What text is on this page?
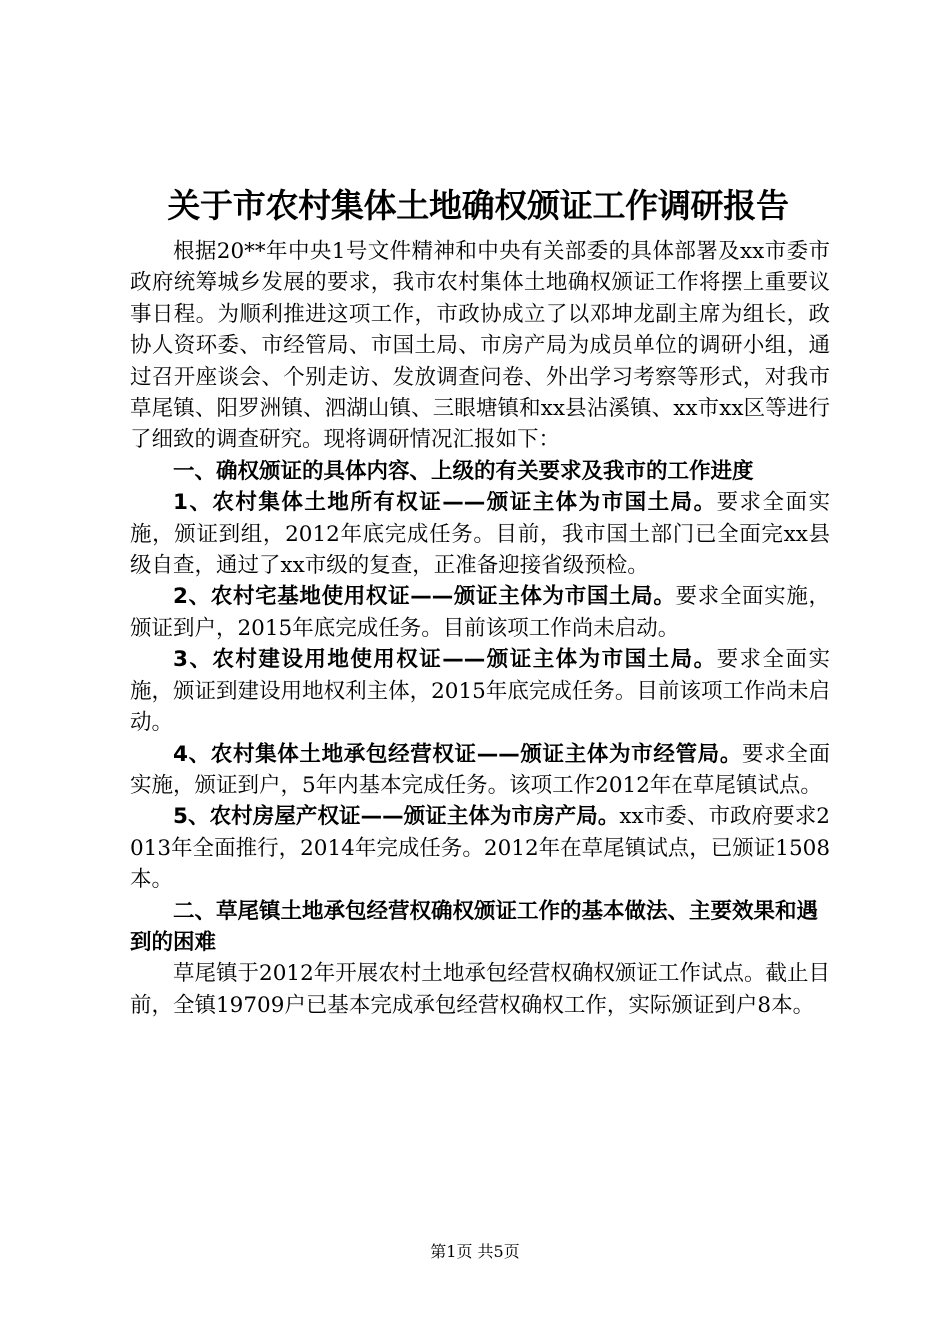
关于市农村集体土地确权颁证工作调研报告

根据20**年中央1号文件精神和中央有关部委的具体部署及xx市委市政府统筹城乡发展的要求，我市农村集体土地确权颁证工作将摆上重要议事日程。为顺利推进这项工作，市政协成立了以邓坤龙副主席为组长，政协人资环委、市经管局、市国土局、市房产局为成员单位的调研小组，通过召开座谈会、个别走访、发放调查问卷、外出学习考察等形式，对我市草尾镇、阳罗洲镇、泗湖山镇、三眼塘镇和xx县沾溪镇、xx市xx区等进行了细致的调查研究。现将调研情况汇报如下：

一、确权颁证的具体内容、上级的有关要求及我市的工作进度

1、农村集体土地所有权证——颁证主体为市国土局。要求全面实施，颁证到组，2012年底完成任务。目前，我市国土部门已全面完xx县级自查，通过了xx市级的复查，正准备迎接省级预检。

2、农村宅基地使用权证——颁证主体为市国土局。要求全面实施，颁证到户，2015年底完成任务。目前该项工作尚未启动。

3、农村建设用地使用权证——颁证主体为市国土局。要求全面实施，颁证到建设用地权利主体，2015年底完成任务。目前该项工作尚未启动。

4、农村集体土地承包经营权证——颁证主体为市经管局。要求全面实施，颁证到户，5年内基本完成任务。该项工作2012年在草尾镇试点。

5、农村房屋产权证——颁证主体为市房产局。xx市委、市政府要求2013年全面推行，2014年完成任务。2012年在草尾镇试点，已颁证1508本。

二、草尾镇土地承包经营权确权颁证工作的基本做法、主要效果和遇到的困难

草尾镇于2012年开展农村土地承包经营权确权颁证工作试点。截止目前，全镇19709户已基本完成承包经营权确权工作，实际颁证到户8本。

第1页 共5页
